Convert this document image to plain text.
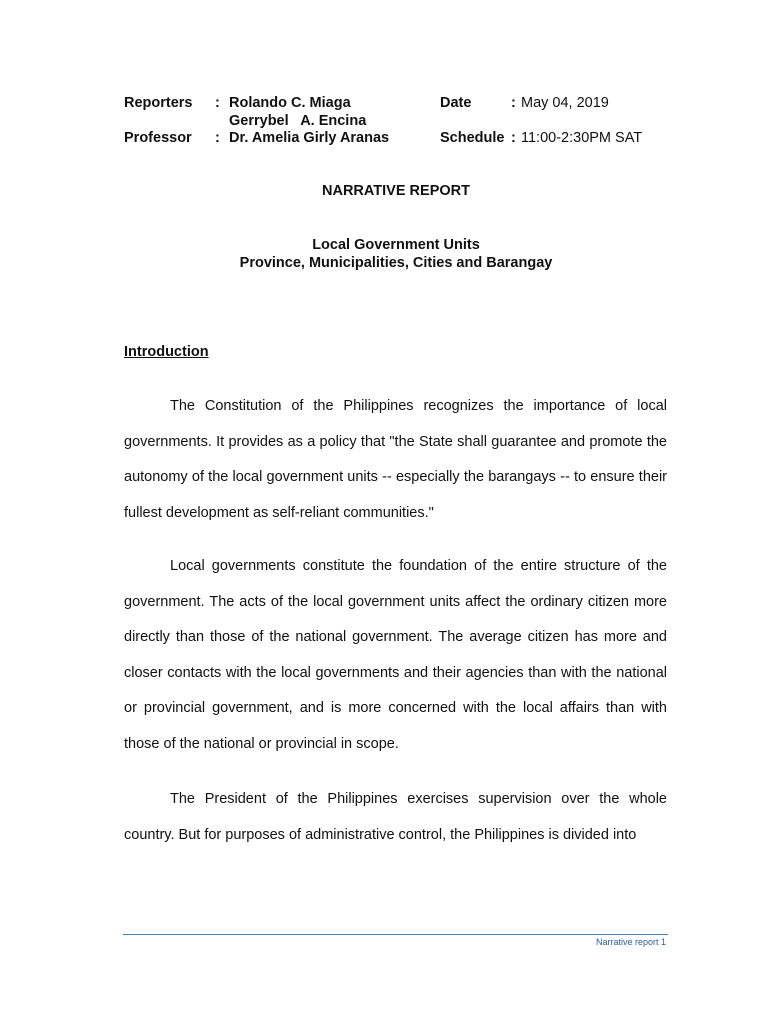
Reporters : Rolando C. Miaga
Gerrybel   A. Encina
Professor : Dr. Amelia Girly Aranas
Date	: May 04, 2019
Schedule : 11:00-2:30PM SAT
NARRATIVE REPORT
Local Government Units
Province, Municipalities, Cities and Barangay
Introduction

The Constitution of the Philippines recognizes the importance of local governments. It provides as a policy that "the State shall guarantee and promote the autonomy of the local government units -- especially the barangays -- to ensure their fullest development as self-reliant communities."

Local governments constitute the foundation of the entire structure of the government. The acts of the local government units affect the ordinary citizen more directly than those of the national government. The average citizen has more and closer contacts with the local governments and their agencies than with the national or provincial government, and is more concerned with the local affairs than with those of the national or provincial in scope.

The President of the Philippines exercises supervision over the whole country. But for purposes of administrative control, the Philippines is divided into

Narrative report 1
